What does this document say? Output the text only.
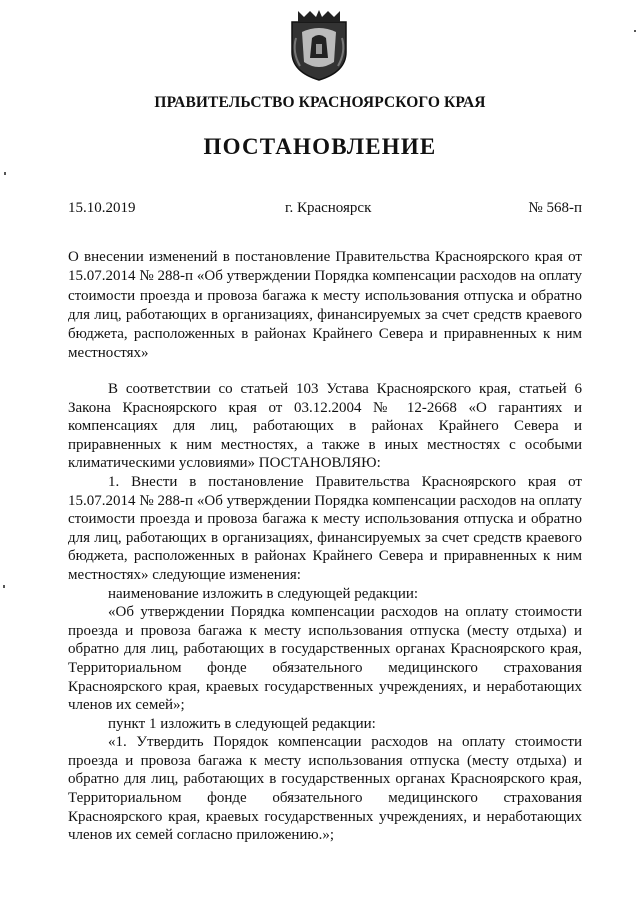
ПРАВИТЕЛЬСТВО КРАСНОЯРСКОГО КРАЯ
ПОСТАНОВЛЕНИЕ
15.10.2019	г. Красноярск	№ 568-п
О внесении изменений в постановление Правительства Красноярского края от 15.07.2014 № 288-п «Об утверждении Порядка компенсации расходов на оплату стоимости проезда и провоза багажа к месту использования отпуска и обратно для лиц, работающих в организациях, финансируемых за счет средств краевого бюджета, расположенных в районах Крайнего Севера и приравненных к ним местностях»

В соответствии со статьей 103 Устава Красноярского края, статьей 6 Закона Красноярского края от 03.12.2004 № 12-2668 «О гарантиях и компенсациях для лиц, работающих в районах Крайнего Севера и приравненных к ним местностях, а также в иных местностях с особыми климатическими условиями» ПОСТАНОВЛЯЮ:

1. Внести в постановление Правительства Красноярского края от 15.07.2014 № 288-п «Об утверждении Порядка компенсации расходов на оплату стоимости проезда и провоза багажа к месту использования отпуска и обратно для лиц, работающих в организациях, финансируемых за счет средств краевого бюджета, расположенных в районах Крайнего Севера и приравненных к ним местностях» следующие изменения:

наименование изложить в следующей редакции:

«Об утверждении Порядка компенсации расходов на оплату стоимости проезда и провоза багажа к месту использования отпуска (месту отдыха) и обратно для лиц, работающих в государственных органах Красноярского края, Территориальном фонде обязательного медицинского страхования Красноярского края, краевых государственных учреждениях, и неработающих членов их семей»;

пункт 1 изложить в следующей редакции:

«1. Утвердить Порядок компенсации расходов на оплату стоимости проезда и провоза багажа к месту использования отпуска (месту отдыха) и обратно для лиц, работающих в государственных органах Красноярского края, Территориальном фонде обязательного медицинского страхования Красноярского края, краевых государственных учреждениях, и неработающих членов их семей согласно приложению.»;
